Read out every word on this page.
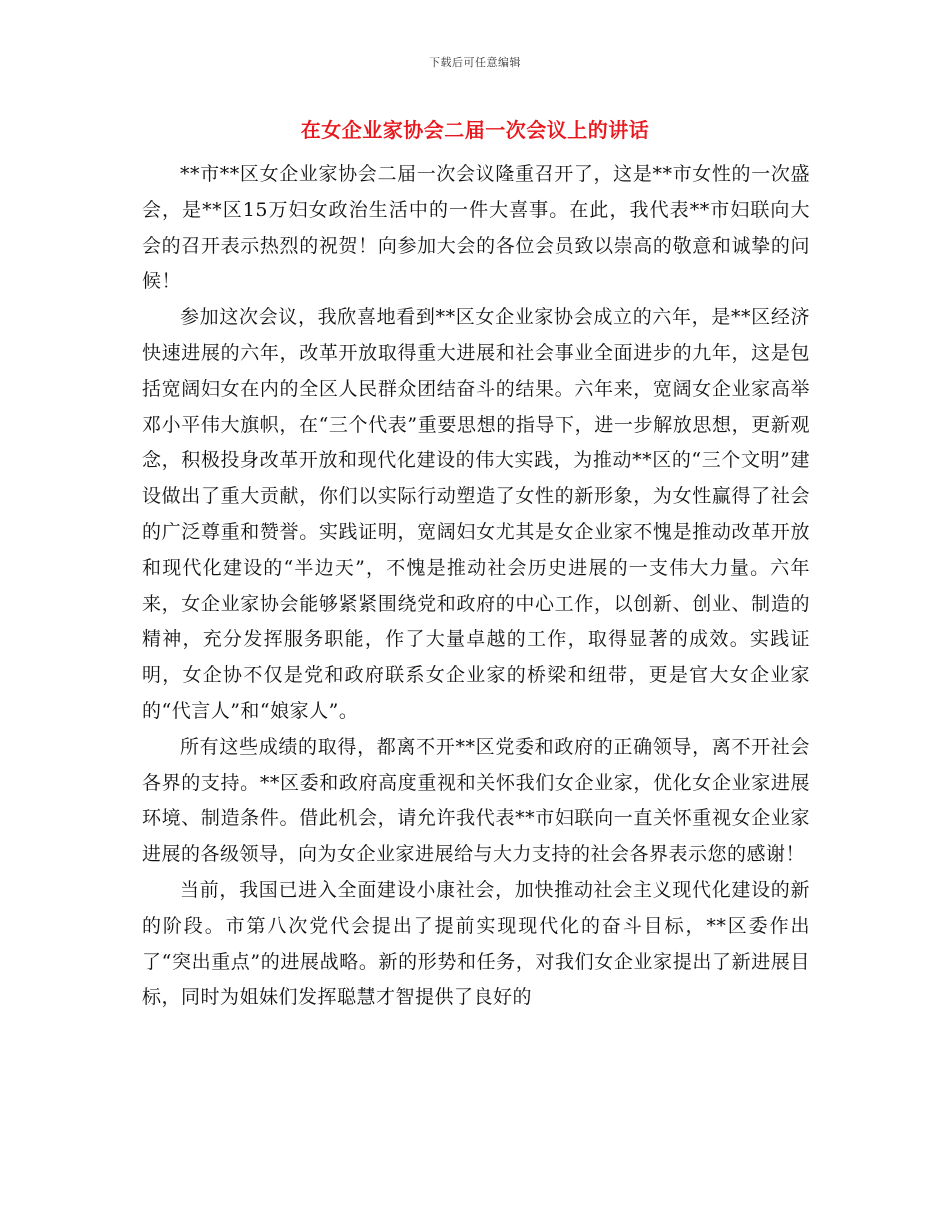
下载后可任意编辑
在女企业家协会二届一次会议上的讲话

**市**区女企业家协会二届一次会议隆重召开了，这是**市女性的一次盛会，是**区15万妇女政治生活中的一件大喜事。在此，我代表**市妇联向大会的召开表示热烈的祝贺！向参加大会的各位会员致以崇高的敬意和诚挚的问候！

参加这次会议，我欣喜地看到**区女企业家协会成立的六年，是**区经济快速进展的六年，改革开放取得重大进展和社会事业全面进步的九年，这是包括宽阔妇女在内的全区人民群众团结奋斗的结果。六年来，宽阔女企业家高举邓小平伟大旗帜，在“三个代表”重要思想的指导下，进一步解放思想，更新观念，积极投身改革开放和现代化建设的伟大实践，为推动**区的“三个文明”建设做出了重大贡献，你们以实际行动塑造了女性的新形象，为女性赢得了社会的广泛尊重和赞誉。实践证明，宽阔妇女尤其是女企业家不愧是推动改革开放和现代化建设的“半边天”，不愧是推动社会历史进展的一支伟大力量。六年来，女企业家协会能够紧紧围绕党和政府的中心工作，以创新、创业、制造的精神，充分发挥服务职能，作了大量卓越的工作，取得显著的成效。实践证明，女企协不仅是党和政府联系女企业家的桥梁和纽带，更是官大女企业家的“代言人”和“娘家人”。

所有这些成绩的取得，都离不开**区党委和政府的正确领导，离不开社会各界的支持。**区委和政府高度重视和关怀我们女企业家，优化女企业家进展环境、制造条件。借此机会，请允许我代表**市妇联向一直关怀重视女企业家进展的各级领导，向为女企业家进展给与大力支持的社会各界表示您的感谢！

当前，我国已进入全面建设小康社会，加快推动社会主义现代化建设的新的阶段。市第八次党代会提出了提前实现现代化的奋斗目标，**区委作出了“突出重点”的进展战略。新的形势和任务，对我们女企业家提出了新进展目标，同时为姐妹们发挥聪慧才智提供了良好的
